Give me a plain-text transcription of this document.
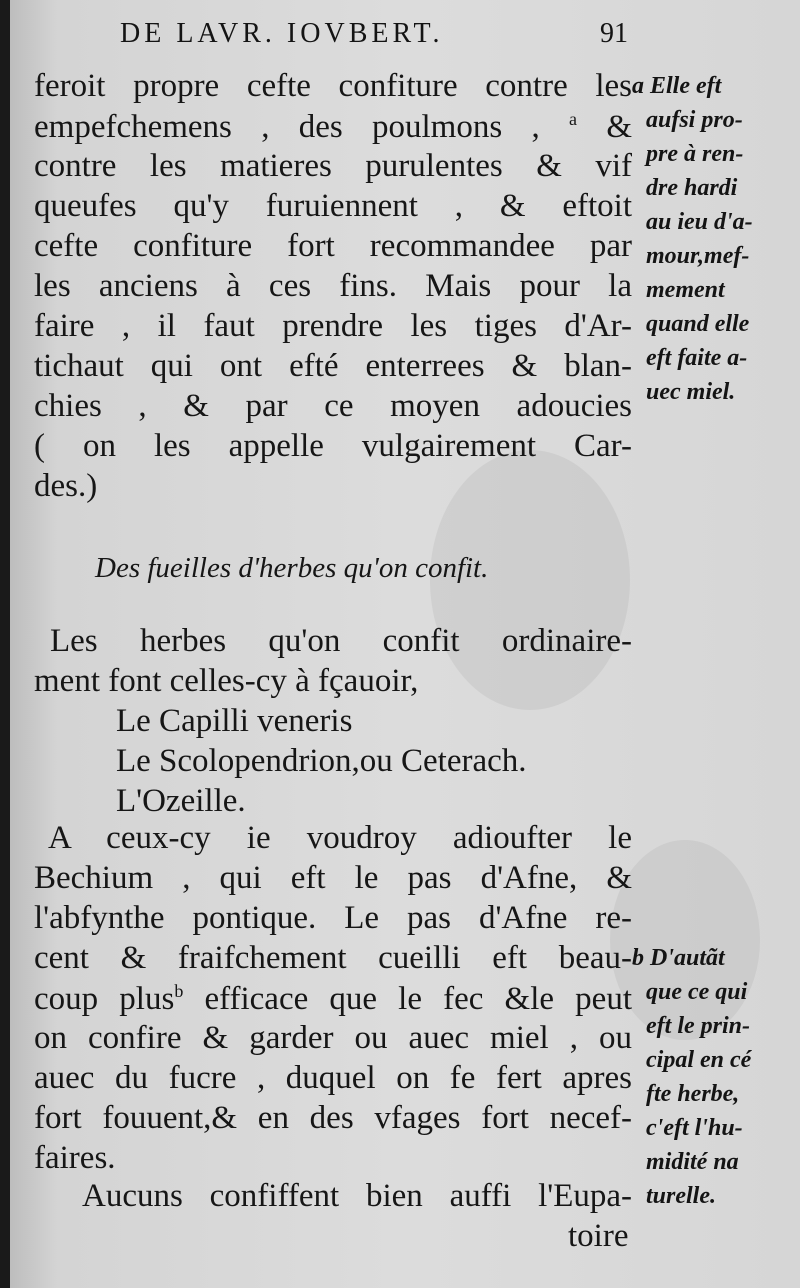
DE LAVR. IOVBERT.	91
feroit propre cefte confiture contre les
empefchemens , des poulmons , $^a$ &
contre les matieres purulentes & vif
queufes qu'y furuiennent , & eftoit
cefte confiture fort recommandee par
les anciens à ces fins. Mais pour la
faire , il faut prendre les tiges d'Ar-
tichaut qui ont efté enterrees & blan-
chies , & par ce moyen adoucies
( on les appelle vulgairement Car-
des.)
Les herbes qu'on confit ordinaire-
ment font celles-cy à fçauoir,
Le Capilli veneris
Le Scolopendrion,ou Ceterach.
L'Ozeille.
A ceux-cy ie voudroy adioufter le
Bechium , qui eft le pas d'Afne, &
l'abfynthe pontique. Le pas d'Afne re-
cent & fraifchement cueilli eft beau-
coup plus$^b$ efficace que le fec &le peut
on confire & garder ou auec miel , ou
auec du fucre , duquel on fe fert apres
fort fouuent,& en des vfages fort necef-
faires.
Aucuns confiffent bien auffi l'Eupa-
Des fueilles d'herbes qu'on confit.
a Elle eft
aufsi pro-
pre à ren-
dre hardi
au ieu d'a-
mour,mef-
mement
quand elle
eft faite a-
uec miel.
b D'autãt
que ce qui
eft le prin-
cipal en cé
fte herbe,
c'eft l'hu-
midité na
turelle.
toire
